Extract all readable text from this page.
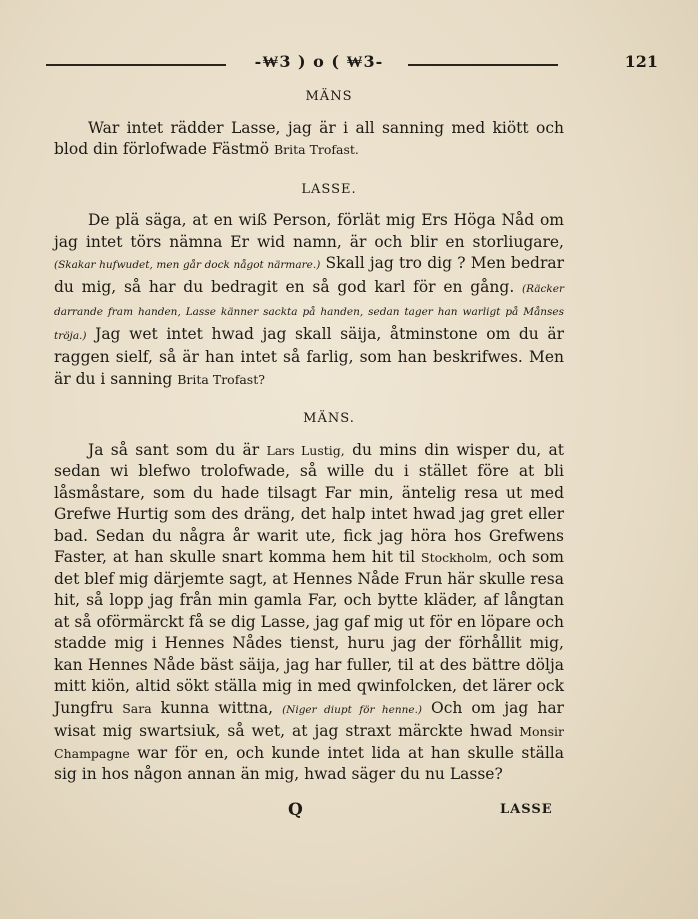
-₩3 ) o ( ₩3-	121
MÄNS

War intet rädder Lasse, jag är i all sanning med kiött och blod din förlofwade Fästmö Brita Trofast.

LASSE.

De plä säga, at en wiß Person, förlät mig Ers Höga Nåd om jag intet törs nämna Er wid namn, är och blir en storliugare, (Skakar hufwudet, men går dock något närmare.) Skall jag tro dig ? Men bedrar du mig, så har du bedragit en så god karl för en gång. (Räcker darrande fram handen, Lasse känner sackta på handen, sedan tager han warligt på Månses tröja.) Jag wet intet hwad jag skall säija, åtminstone om du är raggen sielf, så är han intet så farlig, som han beskrifwes. Men är du i sanning Brita Trofast?

MÄNS.

Ja så sant som du är Lars Lustig, du mins din wisper du, at sedan wi blefwo trolofwade, så wille du i stället före at bli låsmåstare, som du hade tilsagt Far min, äntelig resa ut med Grefwe Hurtig som des dräng, det halp intet hwad jag gret eller bad. Sedan du några år warit ute, fick jag höra hos Grefwens Faster, at han skulle snart komma hem hit til Stockholm, och som det blef mig därjemte sagt, at Hennes Nåde Frun här skulle resa hit, så lopp jag från min gamla Far, och bytte kläder, af långtan at så oförmärckt få se dig Lasse, jag gaf mig ut för en löpare och stadde mig i Hennes Nådes tienst, huru jag der förhållit mig, kan Hennes Nåde bäst säija, jag har fuller, til at des bättre dölja mitt kiön, altid sökt ställa mig in med qwinfolcken, det lärer ock Jungfru Sara kunna wittna, (Niger diupt för henne.) Och om jag har wisat mig swartsiuk, så wet, at jag straxt märckte hwad Monsir Champagne war för en, och kunde intet lida at han skulle ställa sig in hos någon annan än mig, hwad säger du nu Lasse?

Q	LASSE
